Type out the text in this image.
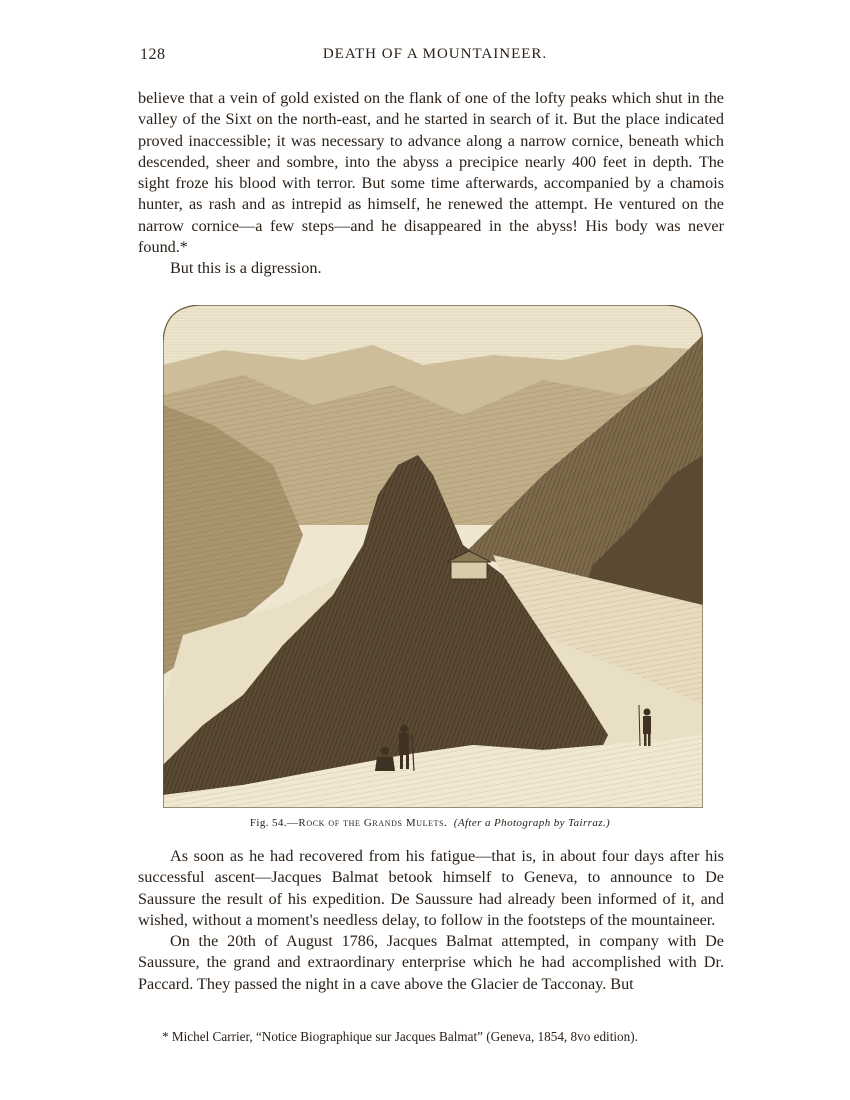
128	DEATH OF A MOUNTAINEER.

believe that a vein of gold existed on the flank of one of the lofty peaks which shut in the valley of the Sixt on the north-east, and he started in search of it. But the place indicated proved inaccessible; it was necessary to advance along a narrow cornice, beneath which descended, sheer and sombre, into the abyss a precipice nearly 400 feet in depth. The sight froze his blood with terror. But some time afterwards, accompanied by a chamois hunter, as rash and as intrepid as himself, he renewed the attempt. He ventured on the narrow cornice—a few steps—and he disappeared in the abyss! His body was never found.*

But this is a digression.

Fig. 54.—Rock of the Grands Mulets. (After a Photograph by Tairraz.)

As soon as he had recovered from his fatigue—that is, in about four days after his successful ascent—Jacques Balmat betook himself to Geneva, to announce to De Saussure the result of his expedition. De Saussure had already been informed of it, and wished, without a moment's needless delay, to follow in the footsteps of the mountaineer.

On the 20th of August 1786, Jacques Balmat attempted, in company with De Saussure, the grand and extraordinary enterprise which he had accomplished with Dr. Paccard. They passed the night in a cave above the Glacier de Tacconay. But

* Michel Carrier, “Notice Biographique sur Jacques Balmat” (Geneva, 1854, 8vo edition).
